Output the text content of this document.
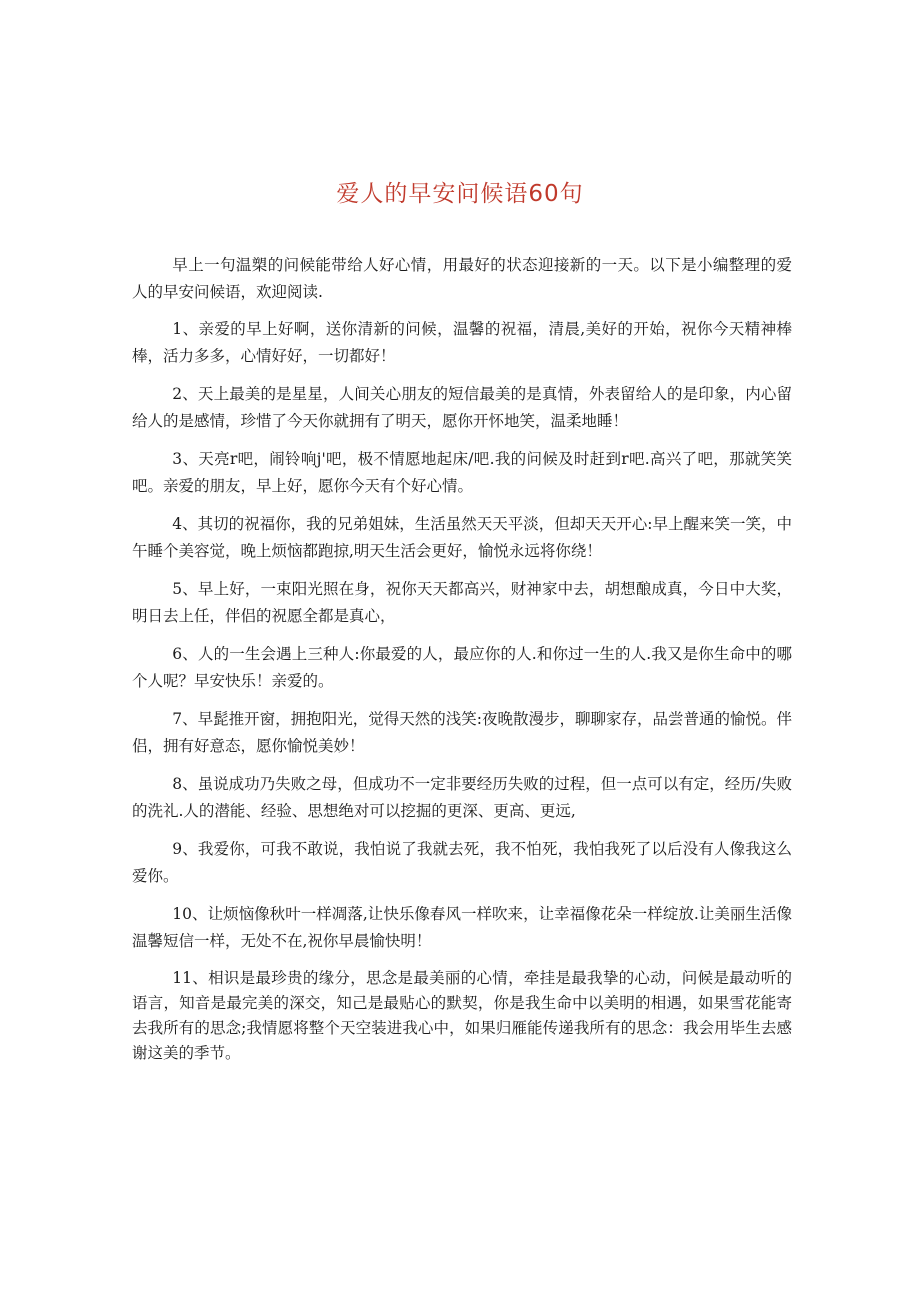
爱人的早安问候语60句

早上一句温槊的问候能带给人好心情，用最好的状态迎接新的一天。以下是小编整理的爱人的早安问候语，欢迎阅读.

1、亲爱的早上好啊，送你清新的问候，温馨的祝福，清晨,美好的开始，祝你今天精神棒棒，活力多多，心情好好，一切都好！

2、天上最美的是星星，人间关心朋友的短信最美的是真情，外表留给人的是印象，内心留给人的是感情，珍惜了今天你就拥有了明天，愿你开怀地笑，温柔地睡！

3、天亮r吧，闹铃响j'吧，极不情愿地起床/吧.我的问候及时赶到r吧.高兴了吧，那就笑笑吧。亲爱的朋友，早上好，愿你今天有个好心情。

4、其切的祝福你，我的兄弟姐妹，生活虽然天天平淡，但却天天开心:早上醒来笑一笑，中午睡个美容觉，晚上烦恼都跑掠,明天生活会更好，愉悦永远将你绕！

5、早上好，一束阳光照在身，祝你天天都高兴，财神家中去，胡想酿成真，今日中大奖，明日去上任，伴侣的祝愿全都是真心，

6、人的一生会遇上三种人:你最爱的人，最应你的人.和你过一生的人.我又是你生命中的哪个人呢？早安快乐！亲爱的。

7、早髭推开窗，拥抱阳光，觉得天然的浅笑:夜晚散漫步，聊聊家存，品尝普通的愉悦。伴侣，拥有好意态，愿你愉悦美妙！

8、虽说成功乃失败之母，但成功不一定非要经历失败的过程，但一点可以有定，经历/失败的洗礼.人的潜能、经验、思想绝对可以挖掘的更深、更高、更远,

9、我爱你，可我不敢说，我怕说了我就去死，我不怕死，我怕我死了以后没有人像我这么爱你。

10、让烦恼像秋叶一样凋落,让快乐像春风一样吹来，让幸福像花朵一样绽放.让美丽生活像温馨短信一样，无处不在,祝你早晨愉快明！

11、相识是最珍贵的缘分，思念是最美丽的心情，牵挂是最我挚的心动，问候是最动听的语言，知音是最完美的深交，知己是最贴心的默契，你是我生命中以美明的相遇，如果雪花能寄去我所有的思念;我情愿将整个天空装进我心中，如果归雁能传递我所有的思念：我会用毕生去感谢这美的季节。
